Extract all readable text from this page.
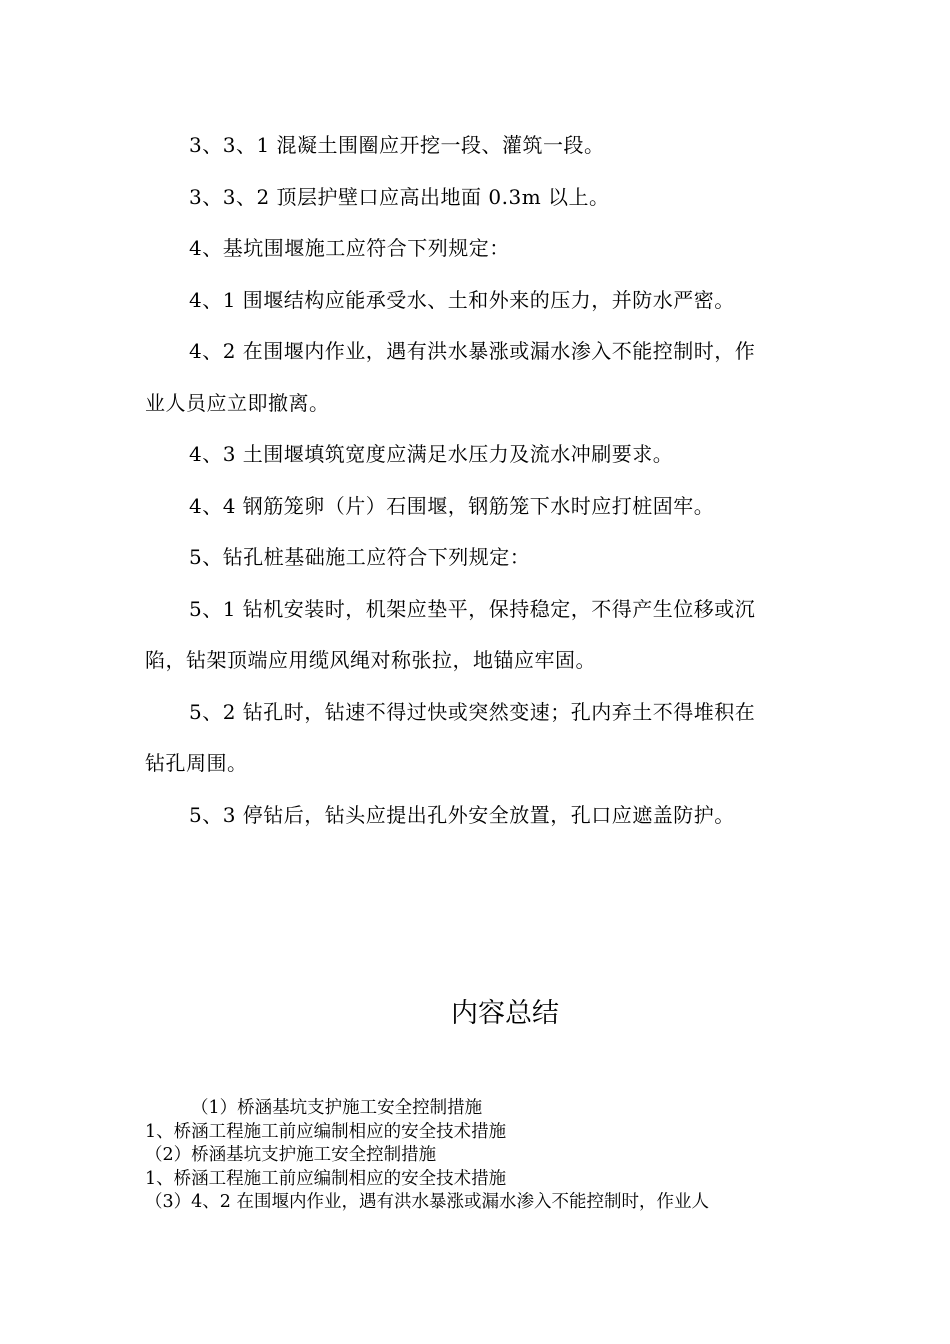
3、3、1 混凝土围圈应开挖一段、灌筑一段。

3、3、2 顶层护壁口应高出地面 0.3m 以上。

4、基坑围堰施工应符合下列规定：

4、1 围堰结构应能承受水、土和外来的压力，并防水严密。

4、2 在围堰内作业，遇有洪水暴涨或漏水渗入不能控制时，作

业人员应立即撤离。

4、3 土围堰填筑宽度应满足水压力及流水冲刷要求。

4、4 钢筋笼卵（片）石围堰，钢筋笼下水时应打桩固牢。

5、钻孔桩基础施工应符合下列规定：

5、1 钻机安装时，机架应垫平，保持稳定，不得产生位移或沉

陷，钻架顶端应用缆风绳对称张拉，地锚应牢固。

5、2 钻孔时，钻速不得过快或突然变速；孔内弃土不得堆积在

钻孔周围。

5、3 停钻后，钻头应提出孔外安全放置，孔口应遮盖防护。

内容总结

（1）桥涵基坑支护施工安全控制措施

1、桥涵工程施工前应编制相应的安全技术措施

（2）桥涵基坑支护施工安全控制措施

1、桥涵工程施工前应编制相应的安全技术措施

（3）4、2 在围堰内作业，遇有洪水暴涨或漏水渗入不能控制时，作业人
